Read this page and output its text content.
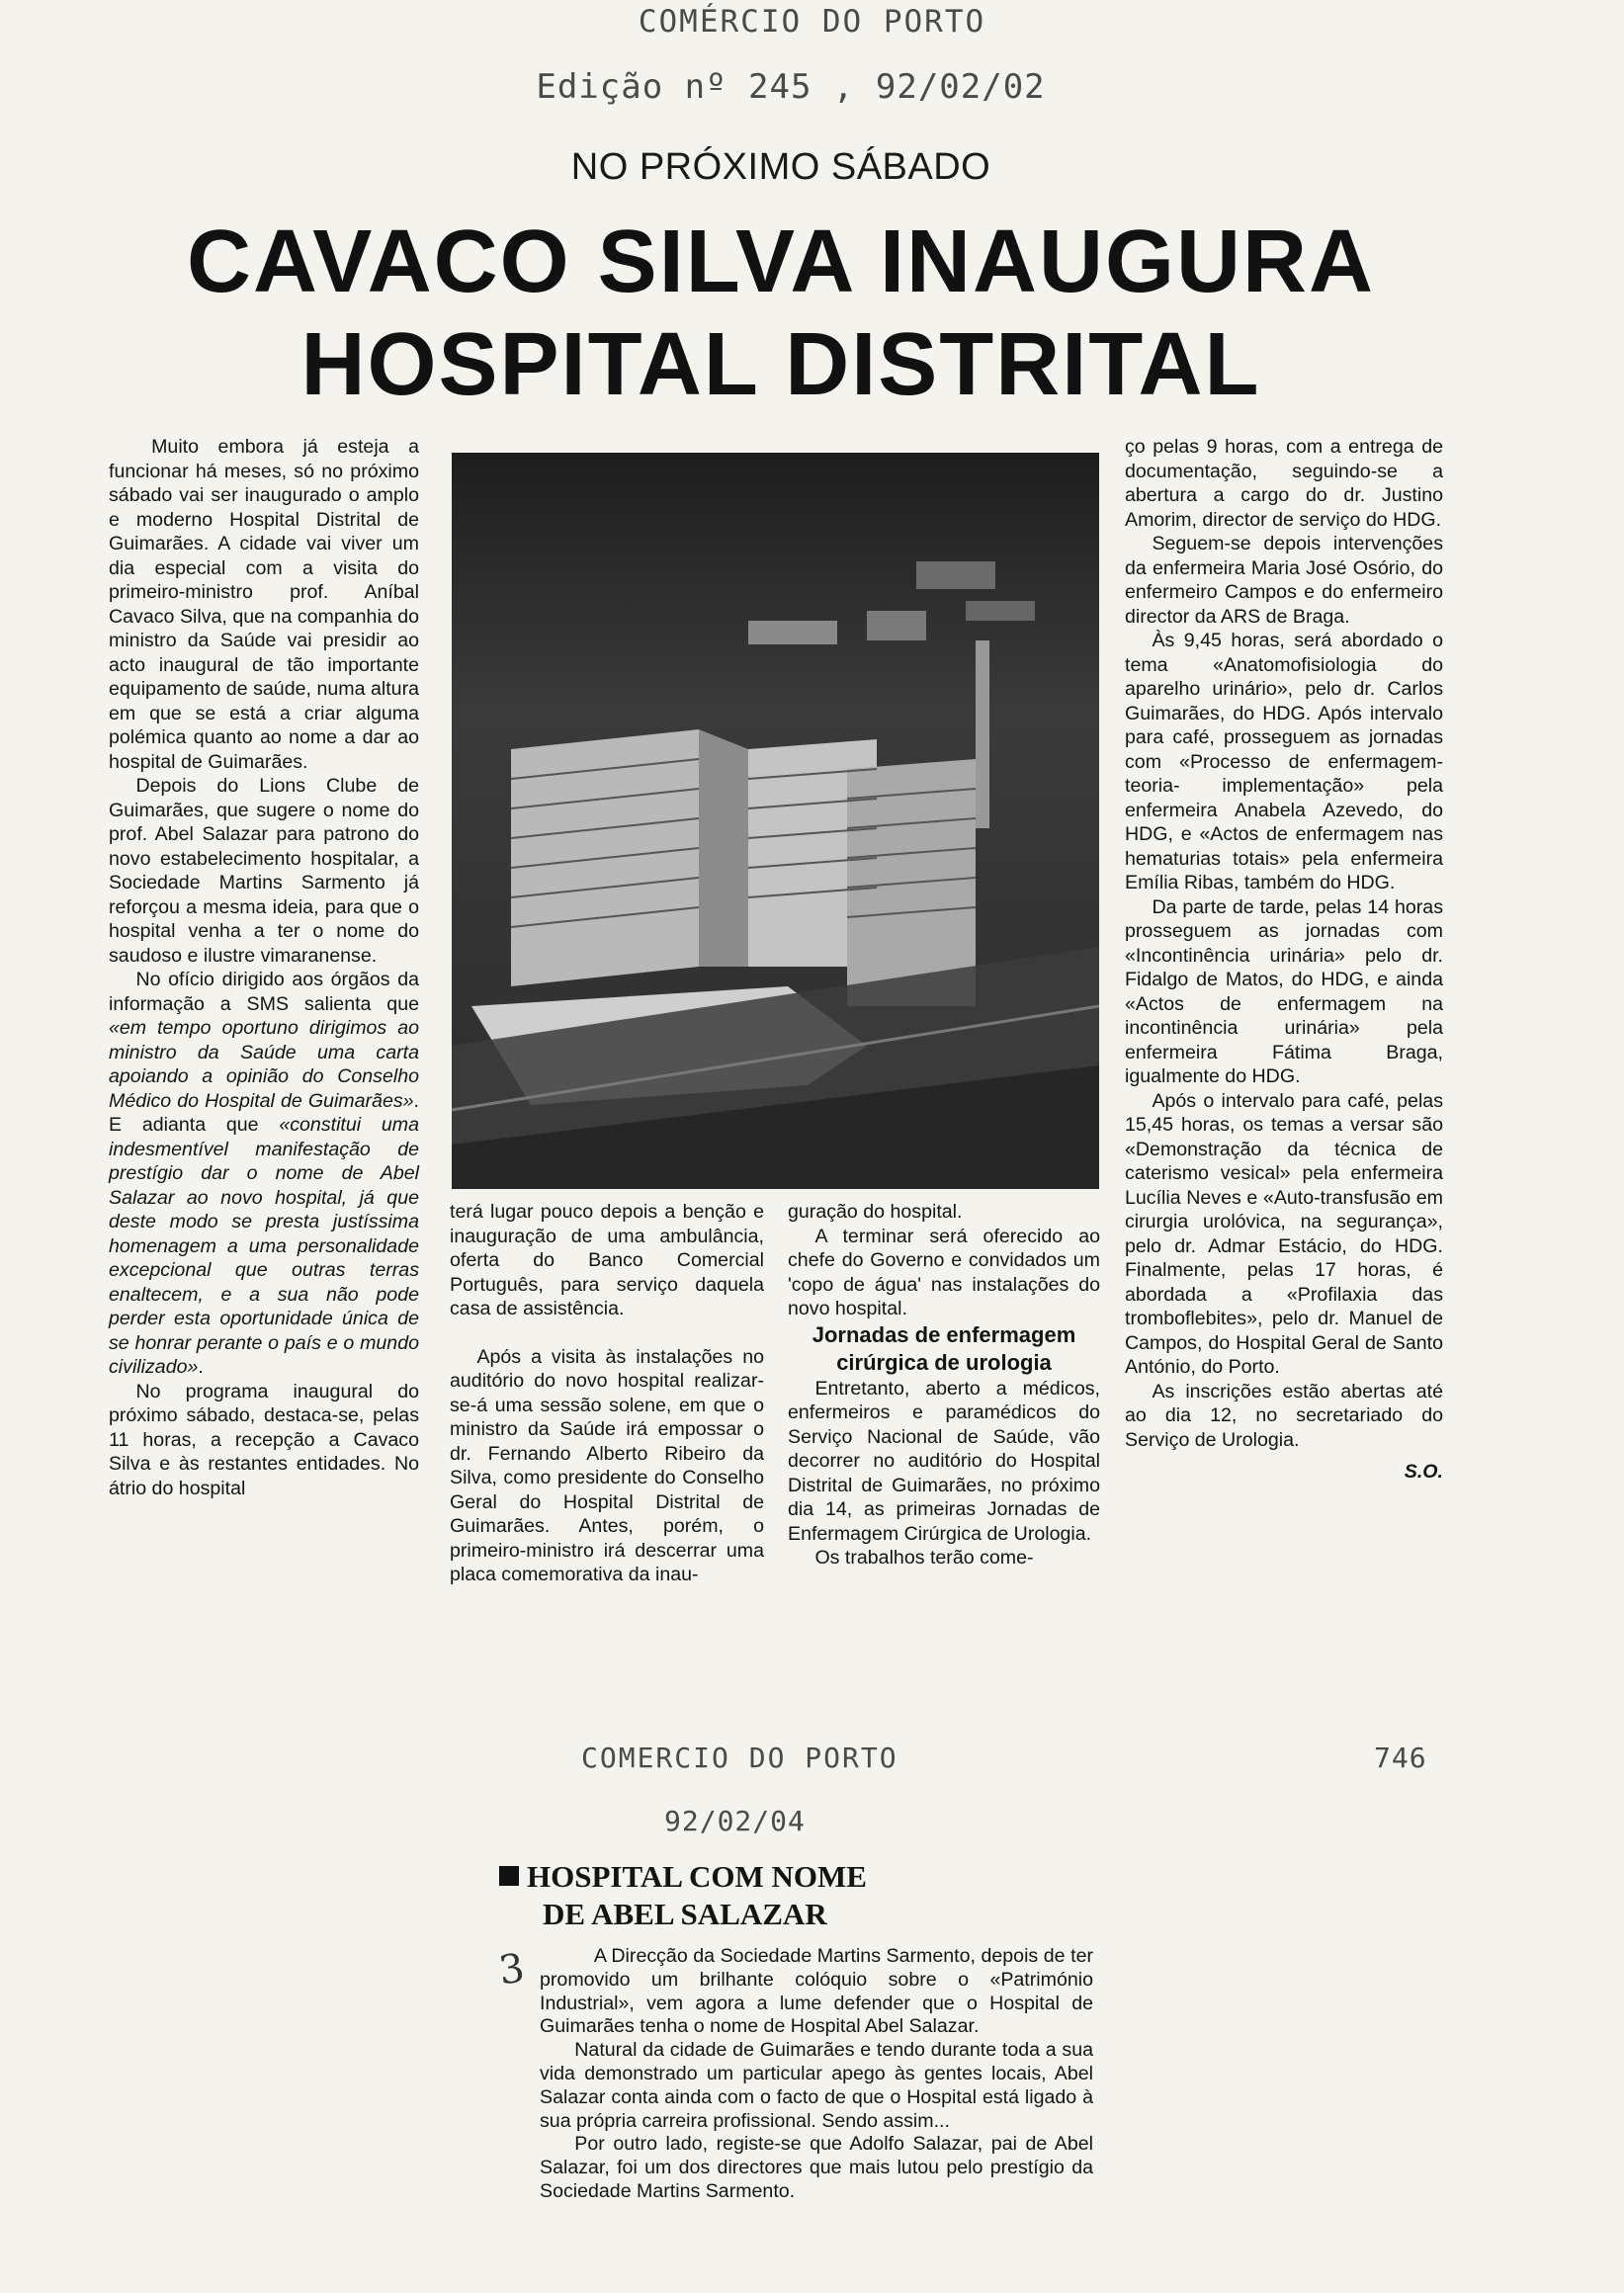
COMÉRCIO DO PORTO
Edição nº 245 , 92/02/02
NO PRÓXIMO SÁBADO
CAVACO SILVA INAUGURA
HOSPITAL DISTRITAL

Muito embora já esteja a funcionar há meses, só no próximo sábado vai ser inaugurado o amplo e moderno Hospital Distrital de Guimarães. A cidade vai viver um dia especial com a visita do primeiro-ministro prof. Aníbal Cavaco Silva, que na companhia do ministro da Saúde vai presidir ao acto inaugural de tão importante equipamento de saúde, numa altura em que se está a criar alguma polémica quanto ao nome a dar ao hospital de Guimarães.

Depois do Lions Clube de Guimarães, que sugere o nome do prof. Abel Salazar para patrono do novo estabelecimento hospitalar, a Sociedade Martins Sarmento já reforçou a mesma ideia, para que o hospital venha a ter o nome do saudoso e ilustre vimaranense.

No ofício dirigido aos órgãos da informação a SMS salienta que «em tempo oportuno dirigimos ao ministro da Saúde uma carta apoiando a opinião do Conselho Médico do Hospital de Guimarães». E adianta que «constitui uma indesmentível manifestação de prestígio dar o nome de Abel Salazar ao novo hospital, já que deste modo se presta justíssima homenagem a uma personalidade excepcional que outras terras enaltecem, e a sua não pode perder esta oportunidade única de se honrar perante o país e o mundo civilizado».

No programa inaugural do próximo sábado, destaca-se, pelas 11 horas, a recepção a Cavaco Silva e às restantes entidades. No átrio do hospital

terá lugar pouco depois a benção e inauguração de uma ambulância, oferta do Banco Comercial Português, para serviço daquela casa de assistência.

Após a visita às instalações no auditório do novo hospital realizar-se-á uma sessão solene, em que o ministro da Saúde irá empossar o dr. Fernando Alberto Ribeiro da Silva, como presidente do Conselho Geral do Hospital Distrital de Guimarães. Antes, porém, o primeiro-ministro irá descerrar uma placa comemorativa da inau-

guração do hospital.

A terminar será oferecido ao chefe do Governo e convidados um 'copo de água' nas instalações do novo hospital.

Jornadas de enfermagem cirúrgica de urologia

Entretanto, aberto a médicos, enfermeiros e paramédicos do Serviço Nacional de Saúde, vão decorrer no auditório do Hospital Distrital de Guimarães, no próximo dia 14, as primeiras Jornadas de Enfermagem Cirúrgica de Urologia.

Os trabalhos terão come-

ço pelas 9 horas, com a entrega de documentação, seguindo-se a abertura a cargo do dr. Justino Amorim, director de serviço do HDG.

Seguem-se depois intervenções da enfermeira Maria José Osório, do enfermeiro Campos e do enfermeiro director da ARS de Braga.

Às 9,45 horas, será abordado o tema «Anatomofisiologia do aparelho urinário», pelo dr. Carlos Guimarães, do HDG. Após intervalo para café, prosseguem as jornadas com «Processo de enfermagem-teoria- implementação» pela enfermeira Anabela Azevedo, do HDG, e «Actos de enfermagem nas hematurias totais» pela enfermeira Emília Ribas, também do HDG.

Da parte de tarde, pelas 14 horas prosseguem as jornadas com «Incontinência urinária» pelo dr. Fidalgo de Matos, do HDG, e ainda «Actos de enfermagem na incontinência urinária» pela enfermeira Fátima Braga, igualmente do HDG.

Após o intervalo para café, pelas 15,45 horas, os temas a versar são «Demonstração da técnica de caterismo vesical» pela enfermeira Lucília Neves e «Auto-transfusão em cirurgia urolóvica, na segurança», pelo dr. Admar Estácio, do HDG. Finalmente, pelas 17 horas, é abordada a «Profilaxia das tromboflebites», pelo dr. Manuel de Campos, do Hospital Geral de Santo António, do Porto.

As inscrições estão abertas até ao dia 12, no secretariado do Serviço de Urologia.

S.O.
COMERCIO DO PORTO	746
92/02/04
HOSPITAL COM NOME
DE ABEL SALAZAR
3	A Direcção da Sociedade Martins Sarmento, depois de ter promovido um brilhante colóquio sobre o «Património Industrial», vem agora a lume defender que o Hospital de Guimarães tenha o nome de Hospital Abel Salazar.

Natural da cidade de Guimarães e tendo durante toda a sua vida demonstrado um particular apego às gentes locais, Abel Salazar conta ainda com o facto de que o Hospital está ligado à sua própria carreira profissional. Sendo assim...

Por outro lado, registe-se que Adolfo Salazar, pai de Abel Salazar, foi um dos directores que mais lutou pelo prestígio da Sociedade Martins Sarmento.
